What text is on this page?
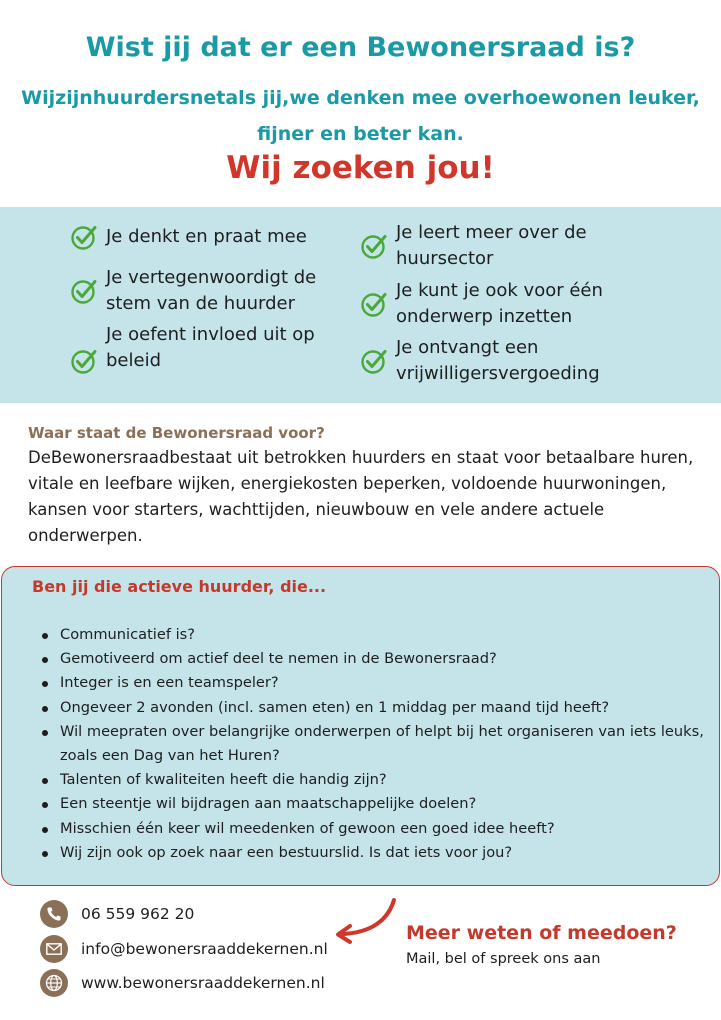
Wist jij dat er een Bewonersraad is?
Wijzijnhuurdersnetals jij,we denken mee overhoewonen leuker, fijner en beter kan.
Wij zoeken jou!
Je denkt en praat mee
Je vertegenwoordigt de stem van de huurder
Je oefent invloed uit op beleid
Je leert meer over de huursector
Je kunt je ook voor één onderwerp inzetten
Je ontvangt een vrijwilligersvergoeding
Waar staat de Bewonersraad voor?
DeBewonersraadbestaat uit betrokken huurders en staat voor betaalbare huren, vitale en leefbare wijken, energiekosten beperken, voldoende huurwoningen, kansen voor starters, wachttijden, nieuwbouw en vele andere actuele onderwerpen.
Ben jij die actieve huurder, die...
Communicatief is?
Gemotiveerd om actief deel te nemen in de Bewonersraad?
Integer is en een teamspeler?
Ongeveer 2 avonden (incl. samen eten) en 1 middag per maand tijd heeft?
Wil meepraten over belangrijke onderwerpen of helpt bij het organiseren van iets leuks, zoals een Dag van het Huren?
Talenten of kwaliteiten heeft die handig zijn?
Een steentje wil bijdragen aan maatschappelijke doelen?
Misschien één keer wil meedenken of gewoon een goed idee heeft?
Wij zijn ook op zoek naar een bestuurslid. Is dat iets voor jou?
06 559 962 20
info@bewonersraaddekernen.nl
www.bewonersraaddekernen.nl
Meer weten of meedoen?
Mail, bel of spreek ons aan
